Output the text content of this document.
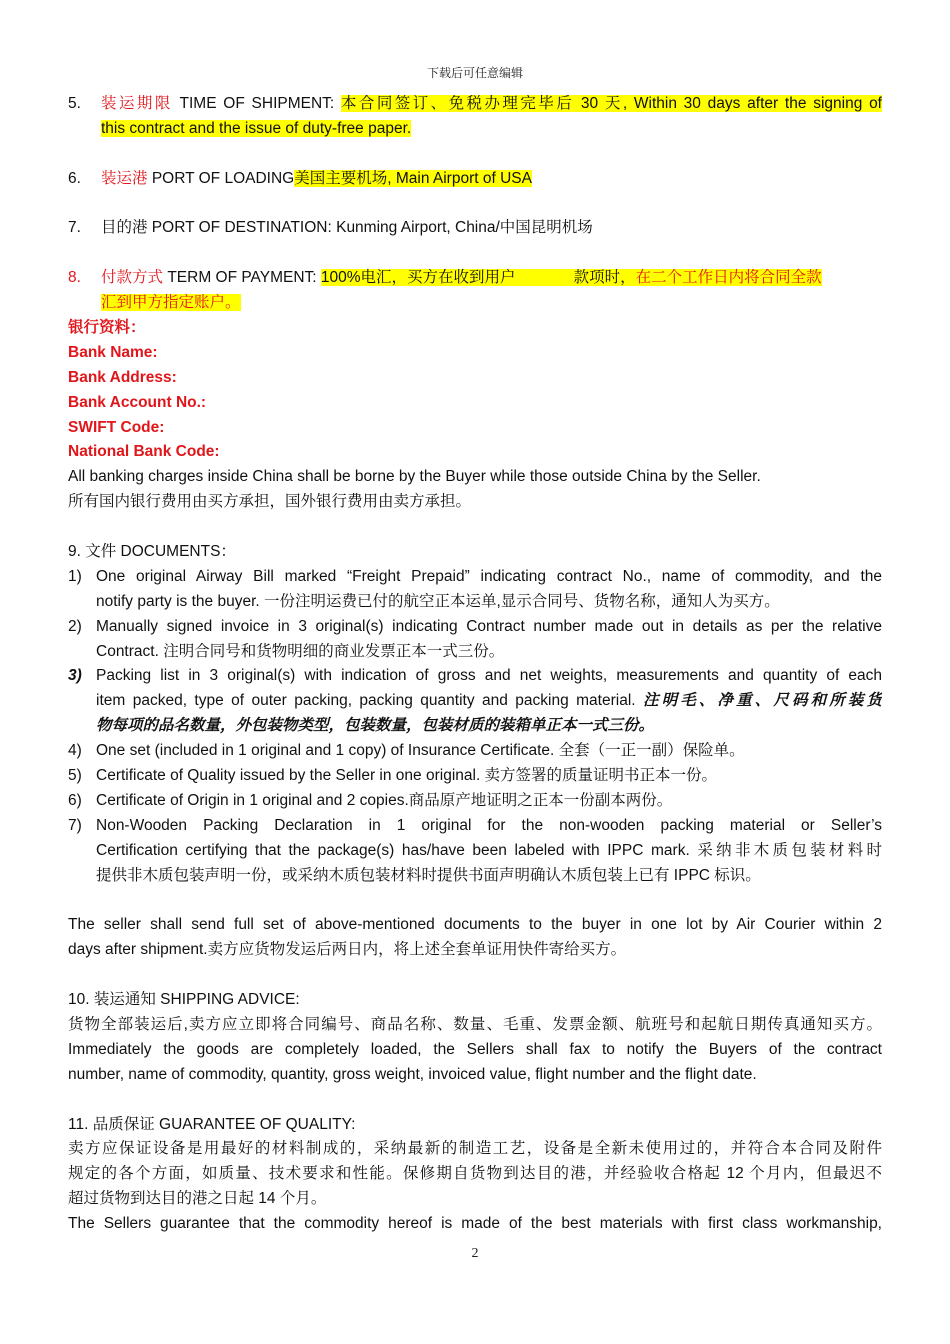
下载后可任意编辑
5.	装运期限 TIME OF SHIPMENT: 本合同签订、免税办理完毕后 30 天, Within 30 days after the signing of
this contract and the issue of duty-free paper.
6.	装运港 PORT OF LOADING美国主要机场, Main Airport of USA
7.	目的港 PORT OF DESTINATION: Kunming Airport, China/中国昆明机场
8.	付款方式 TERM OF PAYMENT: 100%电汇，买方在收到用户	款项时，在二个工作日内将合同全款
汇到甲方指定账户。
银行资料：
Bank Name:
Bank Address:
Bank Account No.:
SWIFT Code:
National Bank Code:
All banking charges inside China shall be borne by the Buyer while those outside China by the Seller.
所有国内银行费用由买方承担，国外银行费用由卖方承担。
9. 文件 DOCUMENTS：
1) One original Airway Bill marked “Freight Prepaid” indicating contract No., name of commodity, and the
notify party is the buyer. 一份注明运费已付的航空正本运单,显示合同号、货物名称，通知人为买方。
2) Manually signed invoice in 3 original(s) indicating Contract number made out in details as per the relative
Contract. 注明合同号和货物明细的商业发票正本一式三份。
3) Packing list in 3 original(s) with indication of gross and net weights, measurements and quantity of each
item packed, type of outer packing, packing quantity and packing material. 注明毛、净重、尺码和所装货
物每项的品名数量，外包装物类型，包装数量，包装材质的装箱单正本一式三份。
4) One set (included in 1 original and 1 copy) of Insurance Certificate. 全套（一正一副）保险单。
5) Certificate of Quality issued by the Seller in one original. 卖方签署的质量证明书正本一份。
6) Certificate of Origin in 1 original and 2 copies.商品原产地证明之正本一份副本两份。
7) Non-Wooden Packing Declaration in 1 original for the non-wooden packing material or Seller’s
Certification certifying that the package(s) has/have been labeled with IPPC mark. 采纳非木质包装材料时
提供非木质包装声明一份，或采纳木质包装材料时提供书面声明确认木质包装上已有 IPPC 标识。
The seller shall send full set of above-mentioned documents to the buyer in one lot by Air Courier within 2
days after shipment.卖方应货物发运后两日内，将上述全套单证用快件寄给买方。
10. 装运通知 SHIPPING ADVICE:
货物全部装运后,卖方应立即将合同编号、商品名称、数量、毛重、发票金额、航班号和起航日期传真通知买方。
Immediately the goods are completely loaded, the Sellers shall fax to notify the Buyers of the contract
number, name of commodity, quantity, gross weight, invoiced value, flight number and the flight date.
11. 品质保证 GUARANTEE OF QUALITY:
卖方应保证设备是用最好的材料制成的，采纳最新的制造工艺，设备是全新未使用过的，并符合本合同及附件
规定的各个方面，如质量、技术要求和性能。保修期自货物到达目的港，并经验收合格起 12 个月内，但最迟不
超过货物到达目的港之日起 14 个月。
The Sellers guarantee that the commodity hereof is made of the best materials with first class workmanship,
2
